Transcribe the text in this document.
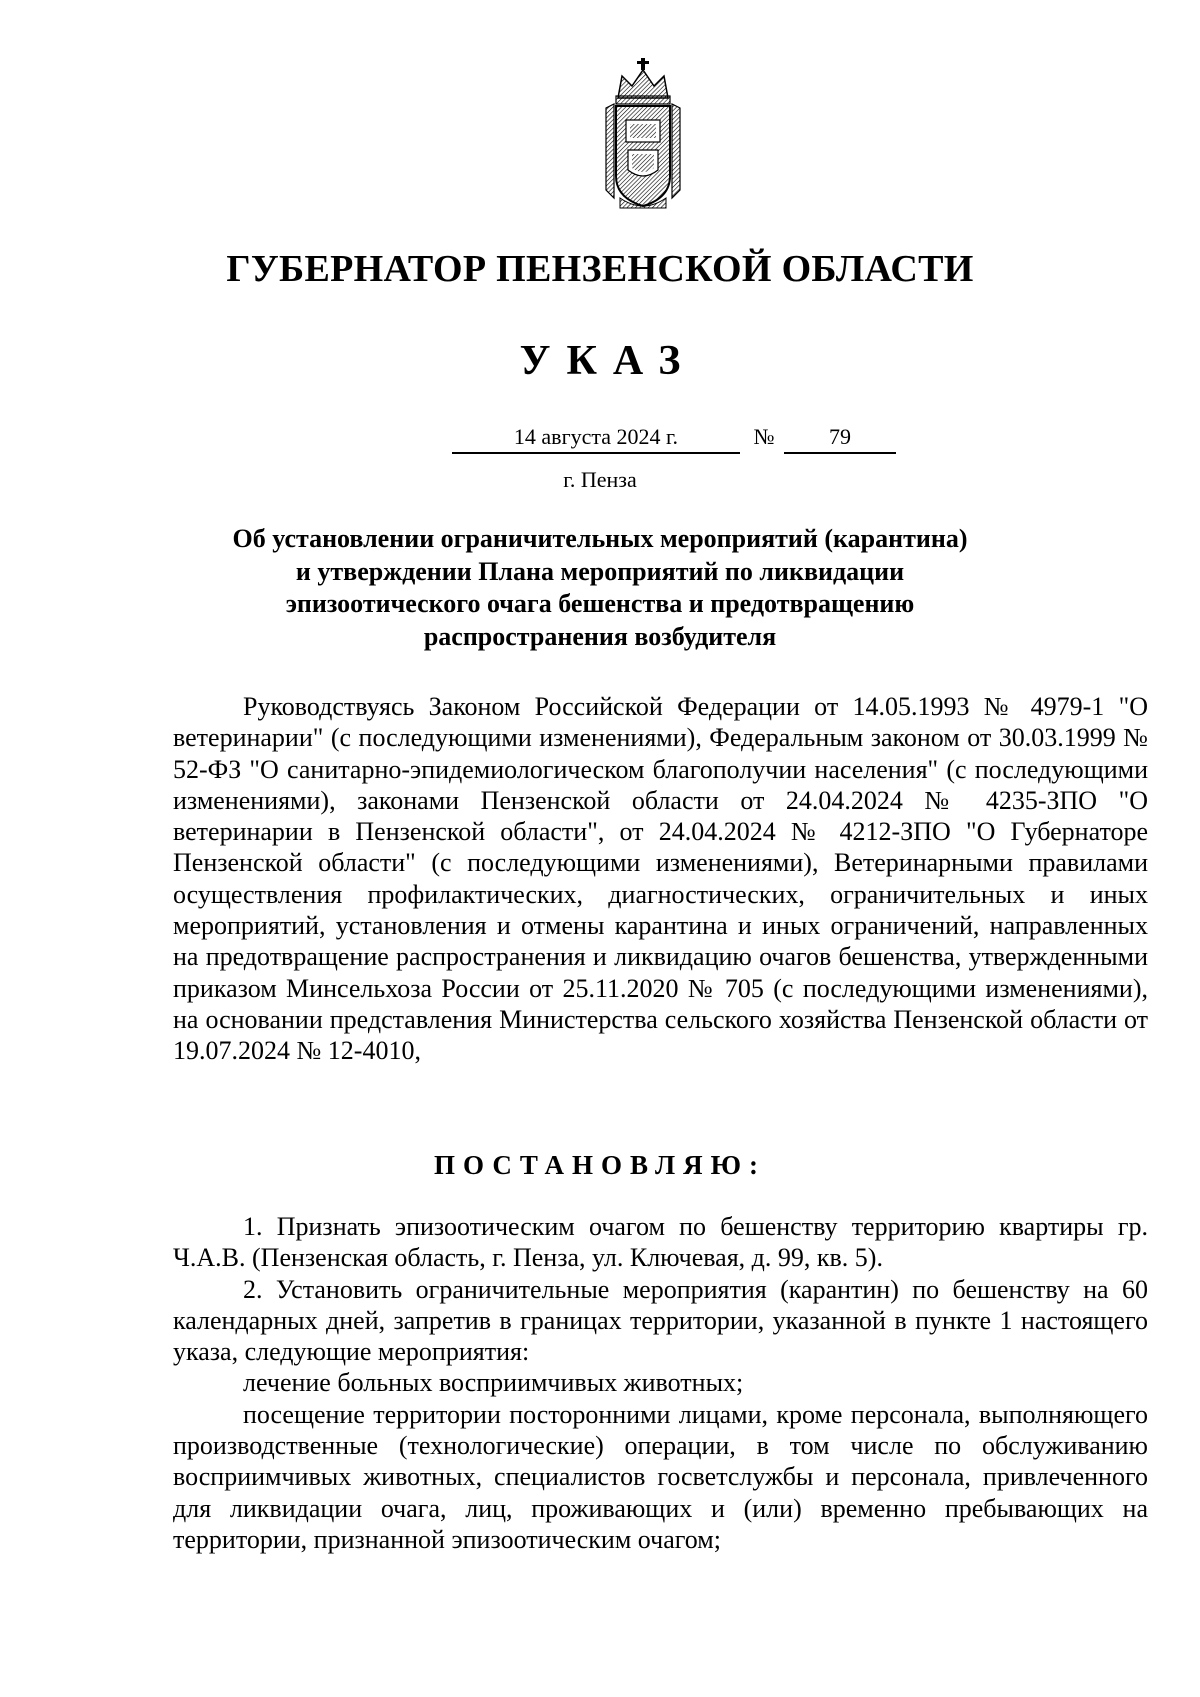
ГУБЕРНАТОР ПЕНЗЕНСКОЙ ОБЛАСТИ
УКАЗ
14 августа 2024 г.	№	79
г. Пенза
Об установлении ограничительных мероприятий (карантина)
и утверждении Плана мероприятий по ликвидации
эпизоотического очага бешенства и предотвращению
распространения возбудителя

Руководствуясь Законом Российской Федерации от 14.05.1993 № 4979-1 "О ветеринарии" (с последующими изменениями), Федеральным законом от 30.03.1999 № 52-ФЗ "О санитарно-эпидемиологическом благополучии населения" (с последующими изменениями), законами Пензенской области от 24.04.2024 № 4235-ЗПО "О ветеринарии в Пензенской области", от 24.04.2024 № 4212-ЗПО "О Губернаторе Пензенской области" (с последующими изменениями), Ветеринарными правилами осуществления профилактических, диагностических, ограничительных и иных мероприятий, установления и отмены карантина и иных ограничений, направленных на предотвращение распространения и ликвидацию очагов бешенства, утвержденными приказом Минсельхоза России от 25.11.2020 № 705 (с последующими изменениями), на основании представления Министерства сельского хозяйства Пензенской области от 19.07.2024 № 12-4010,

ПОСТАНОВЛЯЮ:

1. Признать эпизоотическим очагом по бешенству территорию квартиры гр. Ч.А.В. (Пензенская область, г. Пенза, ул. Ключевая, д. 99, кв. 5).

2. Установить ограничительные мероприятия (карантин) по бешенству на 60 календарных дней, запретив в границах территории, указанной в пункте 1 настоящего указа, следующие мероприятия:

лечение больных восприимчивых животных;

посещение территории посторонними лицами, кроме персонала, выполняющего производственные (технологические) операции, в том числе по обслуживанию восприимчивых животных, специалистов госветслужбы и персонала, привлеченного для ликвидации очага, лиц, проживающих и (или) временно пребывающих на территории, признанной эпизоотическим очагом;
